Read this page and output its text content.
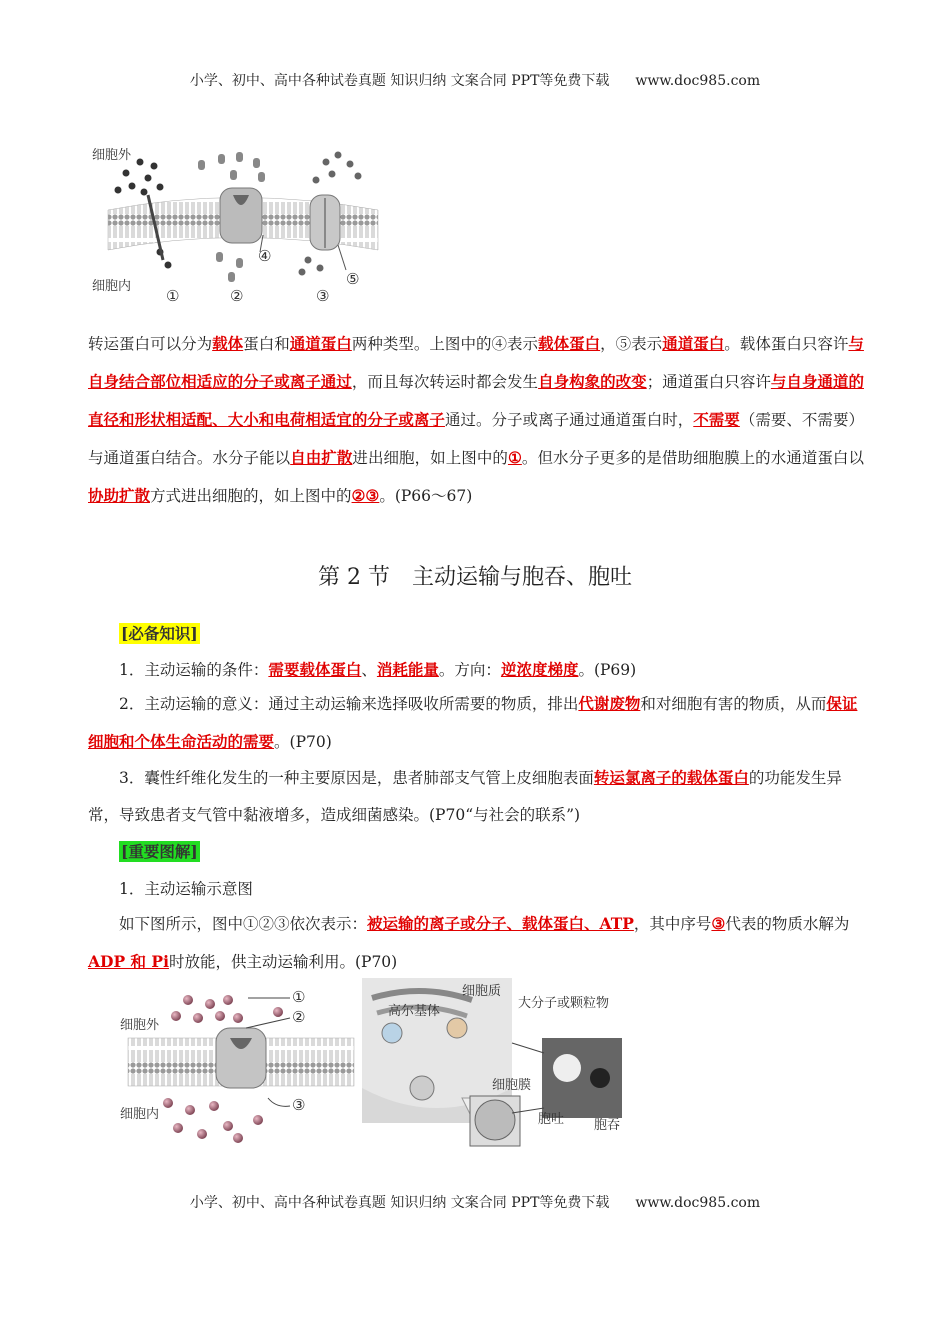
小学、初中、高中各种试卷真题 知识归纳 文案合同 PPT等免费下载 www.doc985.com
细胞外
细胞内
①	②
④
③
⑤
转运蛋白可以分为载体蛋白和通道蛋白两种类型。上图中的④表示载体蛋白，⑤表示通道蛋白。载体蛋白只容许与自身结合部位相适应的分子或离子通过，而且每次转运时都会发生自身构象的改变；通道蛋白只容许与自身通道的直径和形状相适配、大小和电荷相适宜的分子或离子通过。分子或离子通过通道蛋白时，不需要（需要、不需要）与通道蛋白结合。水分子能以自由扩散进出细胞，如上图中的①。但水分子更多的是借助细胞膜上的水通道蛋白以协助扩散方式进出细胞的，如上图中的②③。(P66～67)
第 2 节　主动运输与胞吞、胞吐
[必备知识]
1．主动运输的条件：需要载体蛋白、消耗能量。方向：逆浓度梯度。(P69)
2．主动运输的意义：通过主动运输来选择吸收所需要的物质，排出代谢废物和对细胞有害的物质，从而保证细胞和个体生命活动的需要。(P70)
3．囊性纤维化发生的一种主要原因是，患者肺部支气管上皮细胞表面转运氯离子的载体蛋白的功能发生异常，导致患者支气管中黏液增多，造成细菌感染。(P70“与社会的联系”)
[重要图解]
1．主动运输示意图
如下图所示，图中①②③依次表示：被运输的离子或分子、载体蛋白、ATP，其中序号③代表的物质水解为ADP 和 Pi时放能，供主动运输利用。(P70)
细胞外
细胞内
①
②
③
细胞质
高尔基体
大分子或颗粒物
细胞膜
胞吐 胞吞
小学、初中、高中各种试卷真题 知识归纳 文案合同 PPT等免费下载 www.doc985.com
